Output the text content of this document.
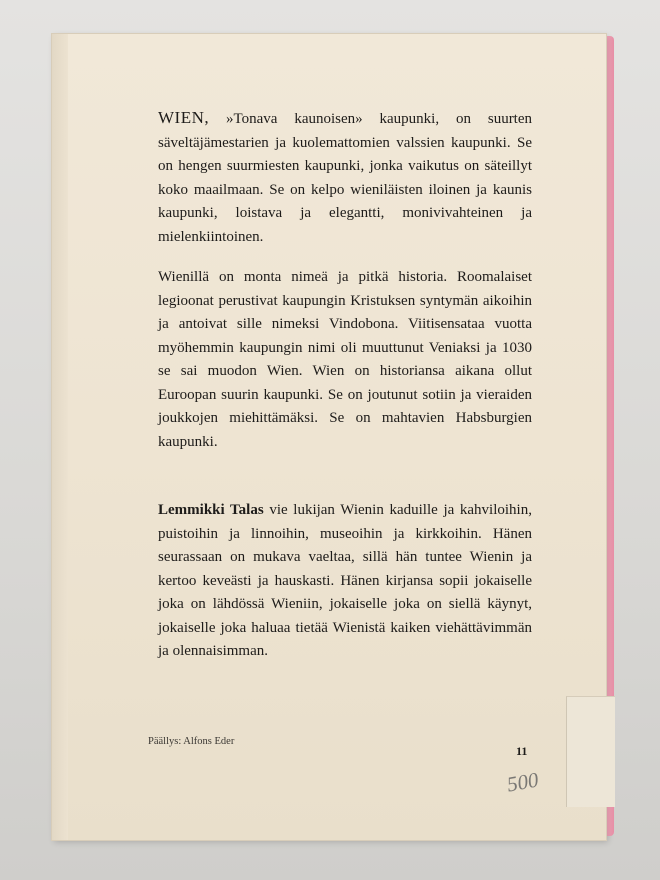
WIEN, »Tonava kaunoisen» kaupunki, on suurten säveltäjämestarien ja kuolemattomien valssien kaupunki. Se on hengen suurmiesten kaupunki, jonka vaikutus on säteillyt koko maailmaan. Se on kelpo wieniläisten iloinen ja kaunis kaupunki, loistava ja elegantti, monivivahteinen ja mielenkiintoinen.

Wienillä on monta nimeä ja pitkä historia. Roomalaiset legioonat perustivat kaupungin Kristuksen syntymän aikoihin ja antoivat sille nimeksi Vindobona. Viitisensataa vuotta myöhemmin kaupungin nimi oli muuttunut Veniaksi ja 1030 se sai muodon Wien. Wien on historiansa aikana ollut Euroopan suurin kaupunki. Se on joutunut sotiin ja vieraiden joukkojen miehittämäksi. Se on mahtavien Habsburgien kaupunki.

Lemmikki Talas vie lukijan Wienin kaduille ja kahviloihin, puistoihin ja linnoihin, museoihin ja kirkkoihin. Hänen seurassaan on mukava vaeltaa, sillä hän tuntee Wienin ja kertoo keveästi ja hauskasti. Hänen kirjansa sopii jokaiselle joka on lähdössä Wieniin, jokaiselle joka on siellä käynyt, jokaiselle joka haluaa tietää Wienistä kaiken viehättävimmän ja olennaisimman.

Päällys: Alfons Eder
11
500
